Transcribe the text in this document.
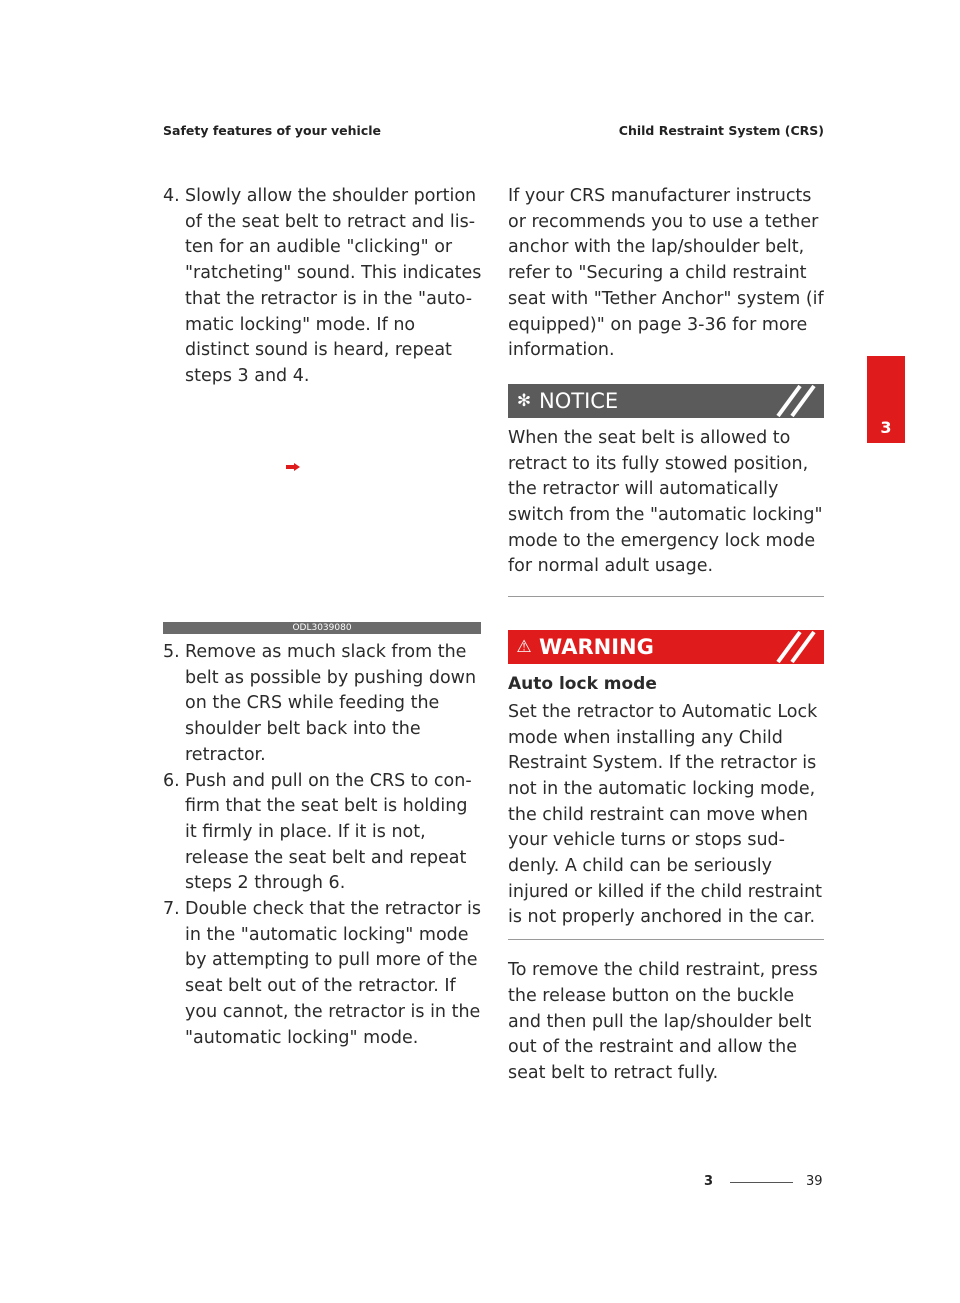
Safety features of your vehicle	Child Restraint System (CRS)
4. Slowly allow the shoulder portion of the seat belt to retract and lis-ten for an audible "clicking" or "ratcheting" sound. This indicates that the retractor is in the "auto-matic locking" mode. If no distinct sound is heard, repeat steps 3 and 4.
ODL3039080
5. Remove as much slack from the belt as possible by pushing down on the CRS while feeding the shoulder belt back into the retractor.
6. Push and pull on the CRS to con-firm that the seat belt is holding it firmly in place. If it is not, release the seat belt and repeat steps 2 through 6.
7. Double check that the retractor is in the "automatic locking" mode by attempting to pull more of the seat belt out of the retractor. If you cannot, the retractor is in the "automatic locking" mode.

If your CRS manufacturer instructs or recommends you to use a tether anchor with the lap/shoulder belt, refer to "Securing a child restraint seat with "Tether Anchor" system (if equipped)" on page 3-36 for more information.

✻ NOTICE

When the seat belt is allowed to retract to its fully stowed position, the retractor will automatically switch from the "automatic locking" mode to the emergency lock mode for normal adult usage.

⚠ WARNING
Auto lock mode

Set the retractor to Automatic Lock mode when installing any Child Restraint System. If the retractor is not in the automatic locking mode, the child restraint can move when your vehicle turns or stops sud-denly. A child can be seriously injured or killed if the child restraint is not properly anchored in the car.

To remove the child restraint, press the release button on the buckle and then pull the lap/shoulder belt out of the restraint and allow the seat belt to retract fully.

3
3	39
